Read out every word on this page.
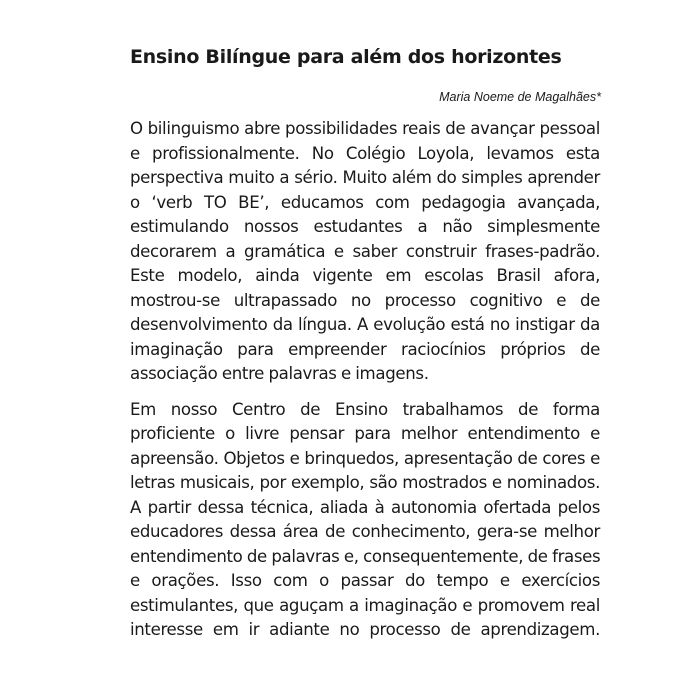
Ensino Bilíngue para além dos horizontes
Maria Noeme de Magalhães*

O bilinguismo abre possibilidades reais de avançar pessoal
e profissionalmente. No Colégio Loyola, levamos esta
perspectiva muito a sério. Muito além do simples aprender
o ‘verb TO BE’, educamos com pedagogia avançada,
estimulando nossos estudantes a não simplesmente
decorarem a gramática e saber construir frases-padrão.
Este modelo, ainda vigente em escolas Brasil afora,
mostrou-se ultrapassado no processo cognitivo e de
desenvolvimento da língua. A evolução está no instigar da
imaginação para empreender raciocínios próprios de
associação entre palavras e imagens.

Em nosso Centro de Ensino trabalhamos de forma
proficiente o livre pensar para melhor entendimento e
apreensão. Objetos e brinquedos, apresentação de cores e
letras musicais, por exemplo, são mostrados e nominados.
A partir dessa técnica, aliada à autonomia ofertada pelos
educadores dessa área de conhecimento, gera-se melhor
entendimento de palavras e, consequentemente, de frases
e orações. Isso com o passar do tempo e exercícios
estimulantes, que aguçam a imaginação e promovem real
interesse em ir adiante no processo de aprendizagem.
